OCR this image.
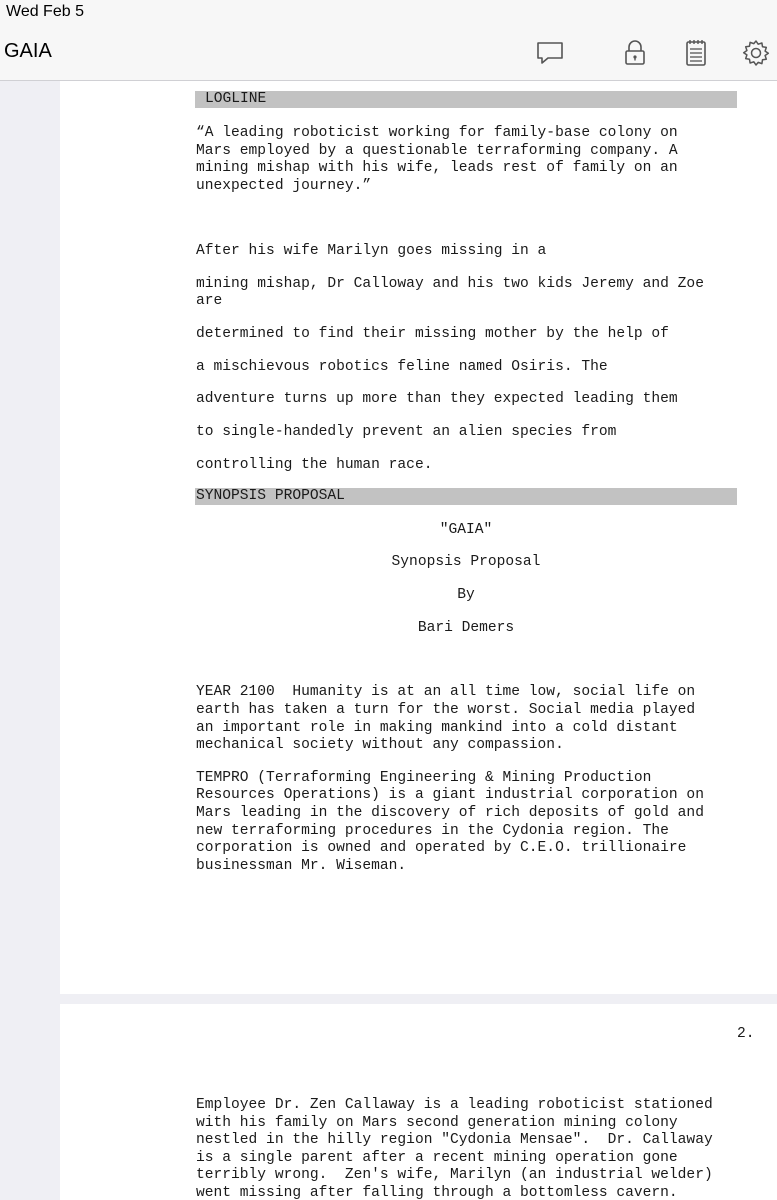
Wed Feb 5
GAIA
LOGLINE
“A leading roboticist working for family-base colony on
Mars employed by a questionable terraforming company. A
mining mishap with his wife, leads rest of family on an
unexpected journey.”
After his wife Marilyn goes missing in a
mining mishap, Dr Calloway and his two kids Jeremy and Zoe
are
determined to find their missing mother by the help of
a mischievous robotics feline named Osiris. The
adventure turns up more than they expected leading them
to single-handedly prevent an alien species from
controlling the human race.
SYNOPSIS PROPOSAL
"GAIA"
Synopsis Proposal
By
Bari Demers
YEAR 2100  Humanity is at an all time low, social life on
earth has taken a turn for the worst. Social media played
an important role in making mankind into a cold distant
mechanical society without any compassion.
TEMPRO (Terraforming Engineering & Mining Production
Resources Operations) is a giant industrial corporation on
Mars leading in the discovery of rich deposits of gold and
new terraforming procedures in the Cydonia region. The
corporation is owned and operated by C.E.O. trillionaire
businessman Mr. Wiseman.
2.
Employee Dr. Zen Callaway is a leading roboticist stationed
with his family on Mars second generation mining colony
nestled in the hilly region "Cydonia Mensae".  Dr. Callaway
is a single parent after a recent mining operation gone
terribly wrong.  Zen's wife, Marilyn (an industrial welder)
went missing after falling through a bottomless cavern.
